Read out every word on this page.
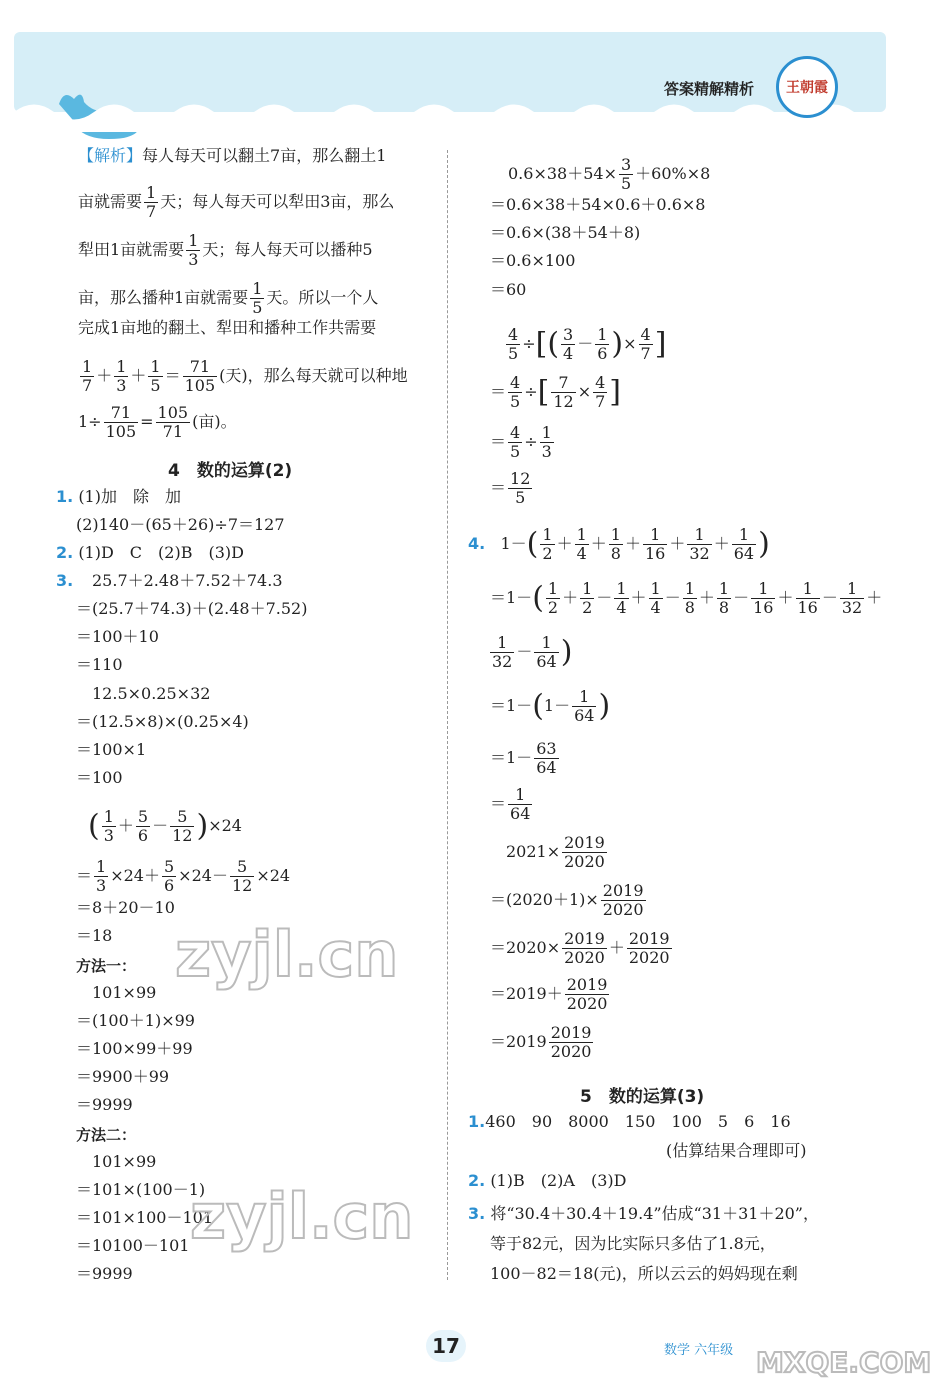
答案精解精析	王朝霞
【解析】每人每天可以翻土7亩，那么翻土1
亩就需要 $\frac{1}{7}$ 天；每人每天可以犁田3亩，那么
犁田1亩就需要 $\frac{1}{3}$ 天；每人每天可以播种5
亩，那么播种1亩就需要 $\frac{1}{5}$ 天。所以一个人
完成1亩地的翻土、犁田和播种工作共需要
$\frac{1}{7} + \frac{1}{3} + \frac{1}{5} = \frac{71}{105}$ (天)，那么每天就可以种地
$1\div \frac{71}{105} = \frac{105}{71}$ (亩)。
4　数的运算(2)
1. (1)加　除　加
(2)140－(65＋26)÷7＝127
2. (1)D　C　(2)B　(3)D
3. 25.7＋2.48＋7.52＋74.3
＝(25.7＋74.3)＋(2.48＋7.52)
＝100＋10
＝110
12.5×0.25×32
＝(12.5×8)×(0.25×4)
＝100×1
＝100
( $\frac{1}{3} + \frac{5}{6} - \frac{5}{12} )\times 24$
＝ $\frac{1}{3} \times 24+ \frac{5}{6} \times 24- \frac{5}{12} \times 24$
＝8＋20－10
＝18
方法一：
101×99
＝(100＋1)×99
＝100×99＋99
＝9900＋99
＝9999
方法二：
101×99
＝101×(100－1)
＝101×100－101
＝10100－101
＝9999
$0.6\times 38+54\times \frac{3}{5} +60\%\times 8$
＝0.6×38＋54×0.6＋0.6×8
＝0.6×(38＋54＋8)
＝0.6×100
＝60
$\frac{4}{5}$ ÷[( $\frac{3}{4} - \frac{1}{6}$ )× $\frac{4}{7}$ ]
＝ $\frac{4}{5}$ ÷[ $\frac{7}{12} \times \frac{4}{7}$ ]
＝ $\frac{4}{5} \div \frac{1}{3}$
＝ $\frac{12}{5}$
4.   $1-( \frac{1}{2} + \frac{1}{4} + \frac{1}{8} + \frac{1}{16} + \frac{1}{32} + \frac{1}{64}$ )
$=1-( \frac{1}{2} + \frac{1}{2} - \frac{1}{4} + \frac{1}{4} - \frac{1}{8} + \frac{1}{8} - \frac{1}{16} + \frac{1}{16} - \frac{1}{32}$ ＋
$\frac{1}{32} - \frac{1}{64}$ )
$=1-(1- \frac{1}{64}$ )
$=1- \frac{63}{64}$
＝ $\frac{1}{64}$
$2021\times \frac{2019}{2020}$
$=(2020+1)\times \frac{2019}{2020}$
$=2020\times \frac{2019}{2020} + \frac{2019}{2020}$
$=2019+ \frac{2019}{2020}$
$=2019 \frac{2019}{2020}$
5　数的运算(3)
1.460　90　8000　150　100　5　6　16
(估算结果合理即可)
2. (1)B　(2)A　(3)D
3. 将“30.4＋30.4＋19.4”估成“31＋31＋20”，
等于82元，因为比实际只多估了1.8元，
100－82＝18(元)，所以云云的妈妈现在剩
zyjl.cn
zyjl.cn
MXQE.COM
17	数学 六年级
